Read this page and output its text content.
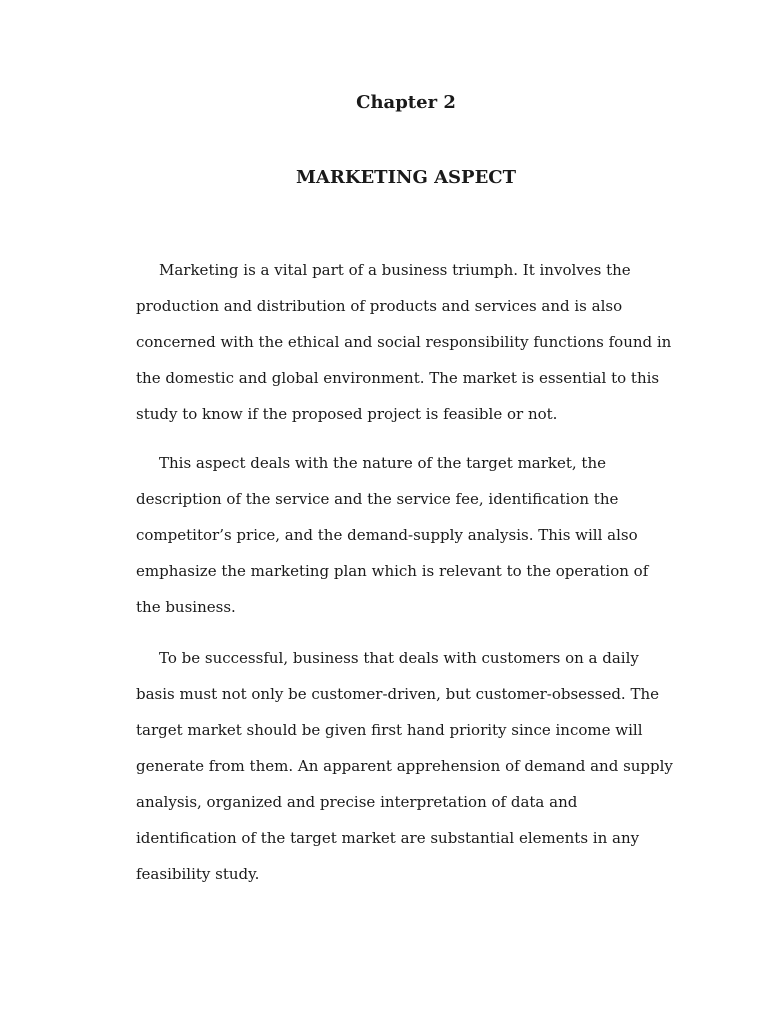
Chapter 2
MARKETING ASPECT
Marketing is a vital part of a business triumph. It involves the
production and distribution of products and services and is also
concerned with the ethical and social responsibility functions found in
the domestic and global environment. The market is essential to this
study to know if the proposed project is feasible or not.
This aspect deals with the nature of the target market, the
description of the service and the service fee, identification the
competitor’s price, and the demand-supply analysis. This will also
emphasize the marketing plan which is relevant to the operation of
the business.
To be successful, business that deals with customers on a daily
basis must not only be customer-driven, but customer-obsessed. The
target market should be given first hand priority since income will
generate from them. An apparent apprehension of demand and supply
analysis, organized and precise interpretation of data and
identification of the target market are substantial elements in any
feasibility study.
